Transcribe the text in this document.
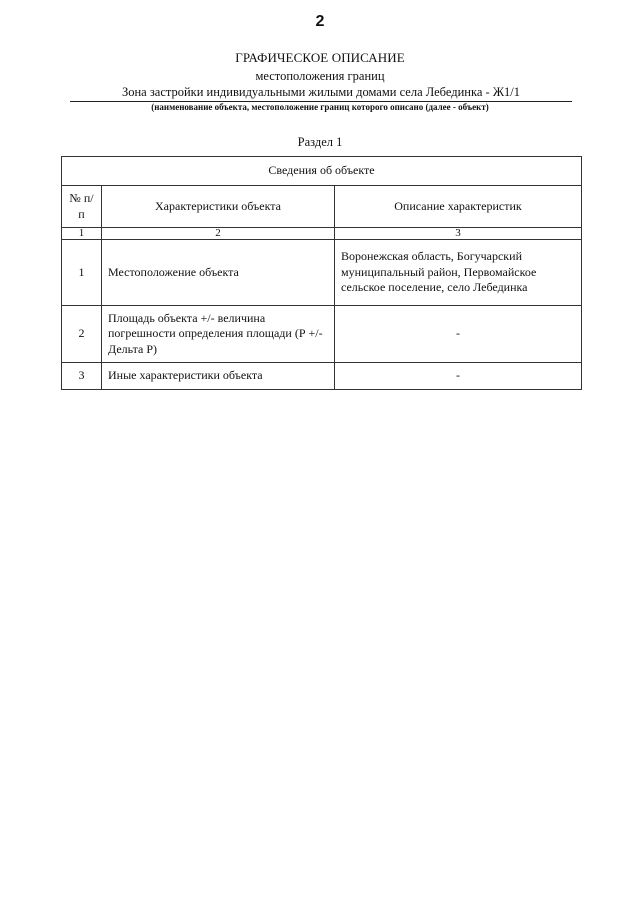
2
ГРАФИЧЕСКОЕ ОПИСАНИЕ
местоположения границ
Зона застройки индивидуальными жилыми домами села Лебединка - Ж1/1
(наименование объекта, местоположение границ которого описано (далее - объект)
Раздел 1
Сведения об объекте		
№ п/п	Характеристики объекта	Описание характеристик
1	2	3
1	Местоположение объекта	Воронежская область, Богучарский муниципальный район, Первомайское сельское поселение, село Лебединка
2	Площадь объекта +/- величина погрешности определения площади (Р +/- Дельта Р)	-
3	Иные характеристики объекта	-
